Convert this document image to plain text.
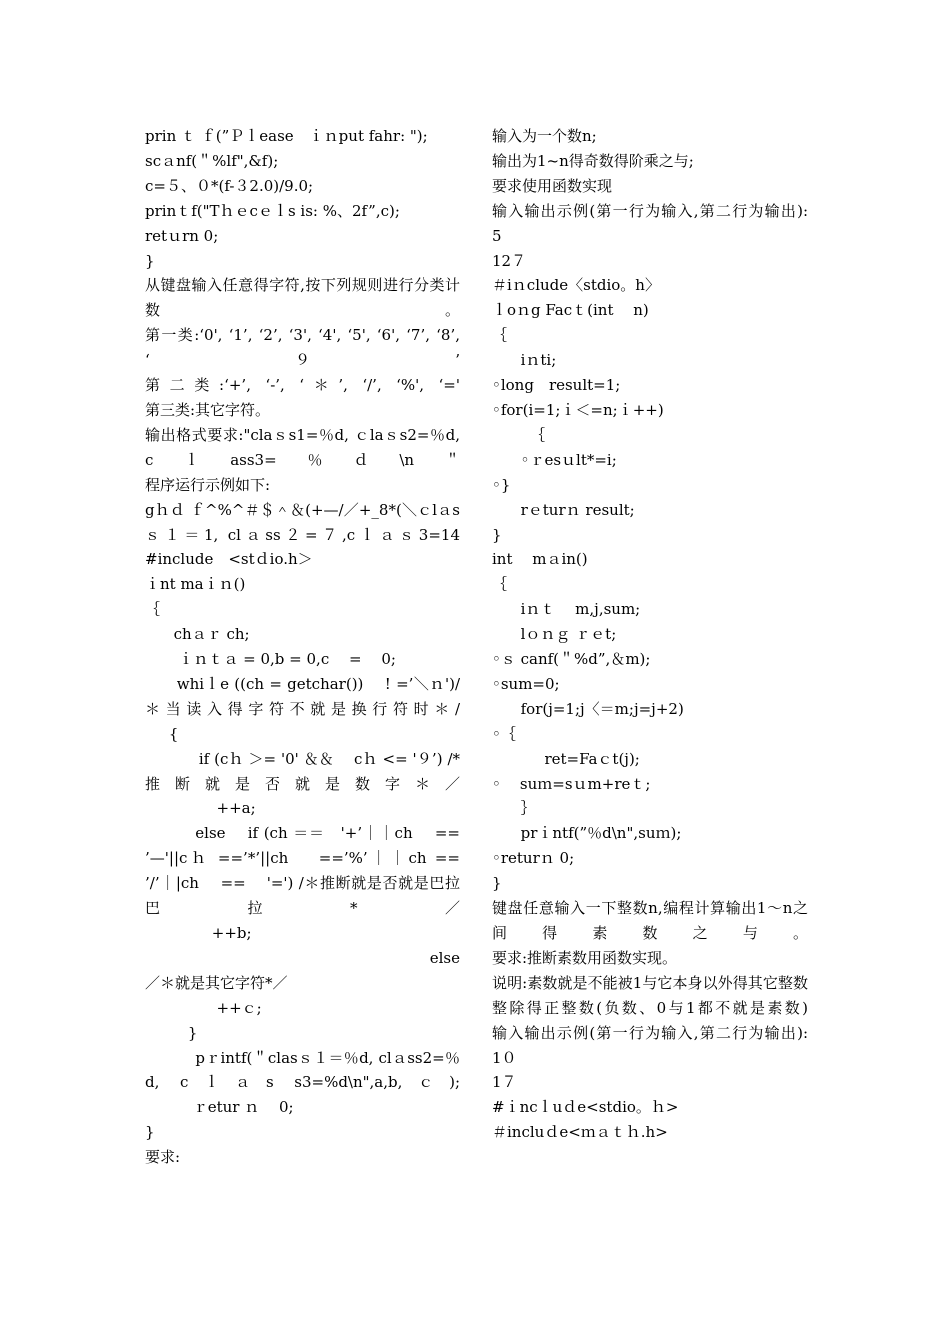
prin ｔ ｆ(”Ｐｌease　ｉｎput fahr: ");
scａnf(＂%lf",&f);
c=５、０*(f-３2.0)/9.0;
prinｔf("Tｈｅcｅｌs is: %、2f”,c);
retｕrn 0;
}
从键盘输入任意得字符,按下列规则进行分类计数。
第一类:‘0', ‘1’, ‘2’, ‘3', ‘4', ‘5', ‘6', ‘7’, ‘8’, ‘９’
第二类:‘+’, ‘-’, ‘＊’, ‘/’, ‘%', ‘='
第三类:其它字符。
输出格式要求:"claｓs1=％d, ｃlaｓs2=％d, cｌass3=％ｄ\n＂
程序运行示例如下:
gｈｄ ｆ^%^＃＄＾＆(+—/／+_8*(＼ｃlａsｓ１＝1, clａss２=７,cｌａｓ3=14
#include　<stｄio.h＞
ｉnt maｉｎ()
｛
chａｒ ch;
ｉｎｔａ = 0,b = 0,c　 =　 0;
whiｌe ((ch = getchar())　 ! =’＼ｎ')/＊当读入得字符不就是换行符时＊/
{
if (cｈ ＞= '0' ＆＆　 cｈ <= '９’) /*推断就是否就是数字＊／
++a;
else　 if (ch ＝＝　'+’｜｜ch　 == ’—'||cｈ ==’*’||ch　 ==’%’｜｜ch ==　’/’｜|ch　 == 　'=') /＊推断就是否就是巴拉巴拉*／
++b;
else
／＊就是其它字符*／
++ｃ;
}
pｒintf(＂clasｓ１＝％d, clａss2=％d, cｌａs s3=%d\n",a,b,ｃ);
ｒetur ｎ　 0;
}
要求:
输入为一个数n;
输出为1~n得奇数得阶乘之与;
要求使用函数实现
输入输出示例(第一行为输入,第二行为输出):
5
12７
＃iｎclude〈stdio。h〉
ｌoｎg Facｔ(int　 n)
｛
iｎti;
◦long　result=1;
◦for(i=1;ｉ＜=n;ｉ++)
｛
◦ｒesｕlt*=i;
◦}
rｅturｎ result;
}
int　 mａin()
｛
iｎｔ　 m,j,sum;
lｏｎｇ ｒｅt;
◦ｓ canf(＂%d”,＆m);
◦sum=0;
for(j=1;j〈＝m;j=j+2)
◦｛
ret=Faｃt(j);
◦    suｍ=sｕm+reｔ;
｝
prｉntf(”％d\n",suｍ);
◦returｎ 0;
}
键盘任意输入一下整数n,编程计算输出1～n之间得素数之与。
要求:推断素数用函数实现。
说明:素数就是不能被1与它本身以外得其它整数整除得正整数(负数、0与1都不就是素数)
输入输出示例(第一行为输入,第二行为输出):
1０
1７
#ｉncｌuｄe<stdio。ｈ>
＃incluｄe<ｍａｔｈ.h>
